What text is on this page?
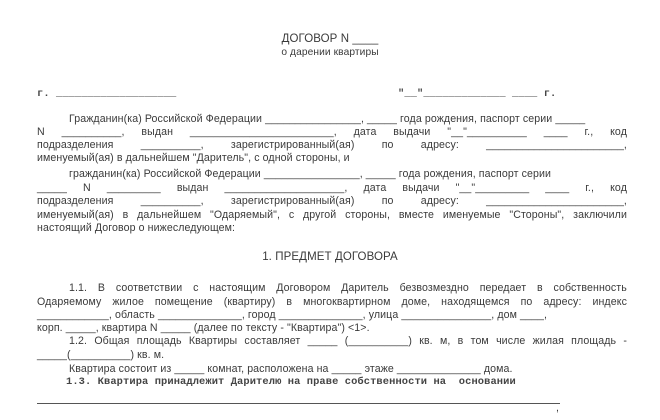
ДОГОВОР N ____
о дарении квартиры
г. ___________________	"__"_____________ ____ г.
Гражданин(ка) Российской Федерации ________________, _____ года рождения, паспорт серии _____
N __________, выдан ________________________, дата выдачи "__"__________ ____ г., код
подразделения	__________,	зарегистрированный(ая)	по	адресу:	_______________________,
именуемый(ая) в дальнейшем "Даритель", с одной стороны, и
гражданин(ка) Российской Федерации ________________, _____ года рождения, паспорт серии
_____ N _________ выдан ____________________, дата выдачи "__"_________ ____ г., код
подразделения	__________,	зарегистрированный(ая)	по	адресу:	_______________________,
именуемый(ая) в дальнейшем "Одаряемый", с другой стороны, вместе именуемые "Стороны", заключили
настоящий Договор о нижеследующем:
1. ПРЕДМЕТ ДОГОВОРА
1.1. В соответствии с настоящим Договором Даритель безвозмездно передает в собственность
Одаряемому жилое помещение (квартиру) в многоквартирном доме, находящемся по адресу: индекс
____________, область ______________, город ______________, улица _______________, дом ____,
корп. _____, квартира N _____ (далее по тексту - "Квартира") <1>.
1.2. Общая площадь Квартиры составляет _____ (__________) кв. м, в том числе жилая площадь -
_____(__________) кв. м.
Квартира состоит из _____ комнат, расположена на _____ этаже ______________ дома.
1.3. Квартира принадлежит Дарителю на праве собственности на  основании
,
